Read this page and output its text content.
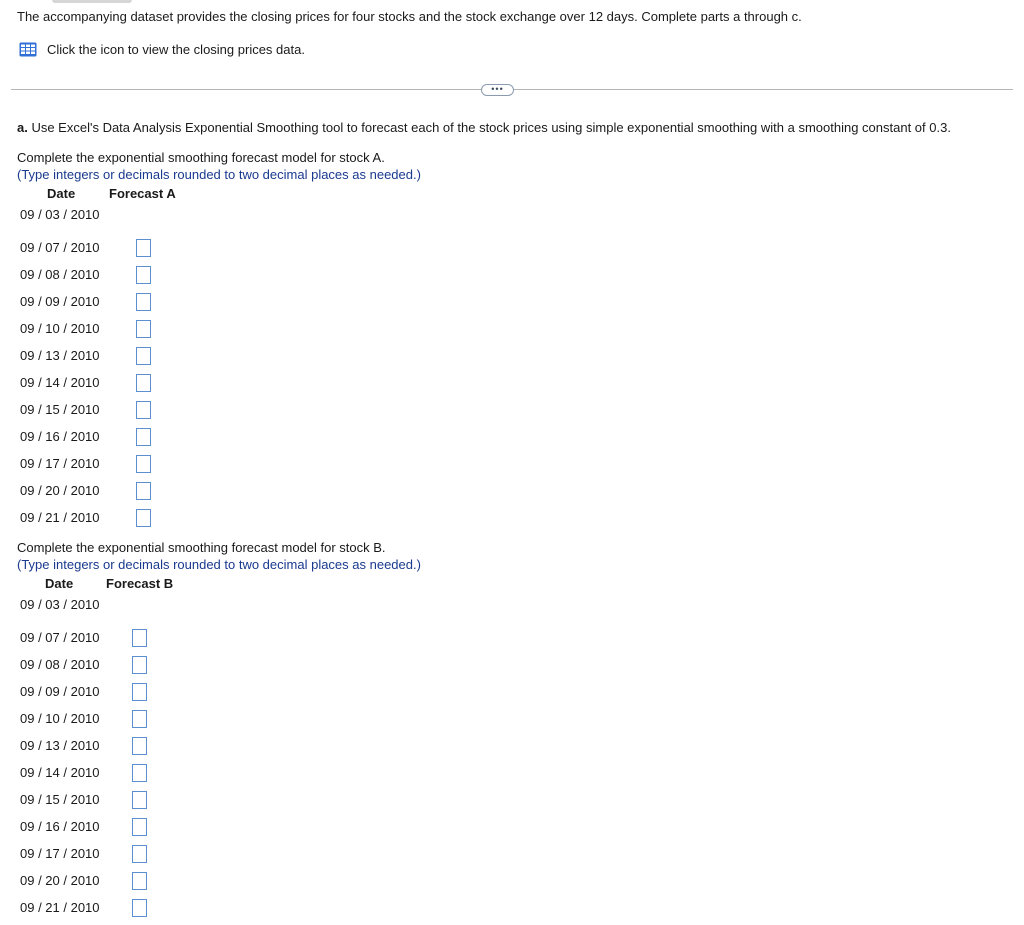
The accompanying dataset provides the closing prices for four stocks and the stock exchange over 12 days. Complete parts a through c.
Click the icon to view the closing prices data.
•••
a. Use Excel's Data Analysis Exponential Smoothing tool to forecast each of the stock prices using simple exponential smoothing with a smoothing constant of 0.3.
Complete the exponential smoothing forecast model for stock A.
(Type integers or decimals rounded to two decimal places as needed.)
Date	Forecast A
09 / 03 / 2010
09 / 07 / 2010
09 / 08 / 2010
09 / 09 / 2010
09 / 10 / 2010
09 / 13 / 2010
09 / 14 / 2010
09 / 15 / 2010
09 / 16 / 2010
09 / 17 / 2010
09 / 20 / 2010
09 / 21 / 2010
Complete the exponential smoothing forecast model for stock B.
(Type integers or decimals rounded to two decimal places as needed.)
Date	Forecast B
09 / 03 / 2010
09 / 07 / 2010
09 / 08 / 2010
09 / 09 / 2010
09 / 10 / 2010
09 / 13 / 2010
09 / 14 / 2010
09 / 15 / 2010
09 / 16 / 2010
09 / 17 / 2010
09 / 20 / 2010
09 / 21 / 2010
